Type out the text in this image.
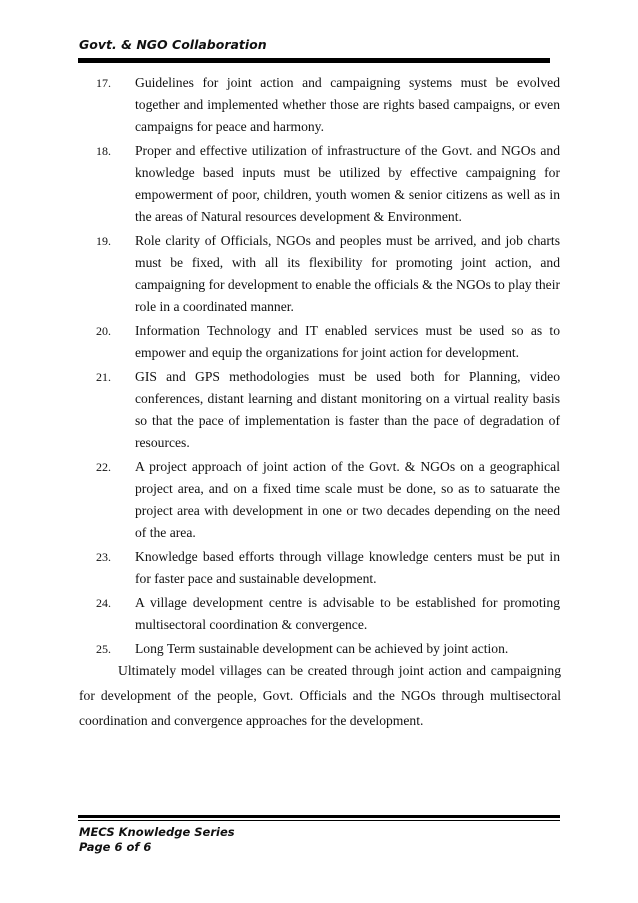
Govt. & NGO Collaboration
17. Guidelines for joint action and campaigning systems must be evolved together and implemented whether those are rights based campaigns, or even campaigns for peace and harmony.
18. Proper and effective utilization of infrastructure of the Govt. and NGOs and knowledge based inputs must be utilized by effective campaigning for empowerment of poor, children, youth women & senior citizens as well as in the areas of Natural resources development & Environment.
19. Role clarity of Officials, NGOs and peoples must be arrived, and job charts must be fixed, with all its flexibility for promoting joint action, and campaigning for development to enable the officials & the NGOs to play their role in a coordinated manner.
20. Information Technology and IT enabled services must be used so as to empower and equip the organizations for joint action for development.
21. GIS and GPS methodologies must be used both for Planning, video conferences, distant learning and distant monitoring on a virtual reality basis so that the pace of implementation is faster than the pace of degradation of resources.
22. A project approach of joint action of the Govt. & NGOs on a geographical project area, and on a fixed time scale must be done, so as to satuarate the project area with development in one or two decades depending on the need of the area.
23. Knowledge based efforts through village knowledge centers must be put in for faster pace and sustainable development.
24. A village development centre is advisable to be established for promoting multisectoral coordination & convergence.
25. Long Term sustainable development can be achieved by joint action.
Ultimately model villages can be created through joint action and campaigning for development of the people, Govt. Officials and the NGOs through multisectoral coordination and convergence approaches for the development.
MECS Knowledge Series
Page 6 of 6
